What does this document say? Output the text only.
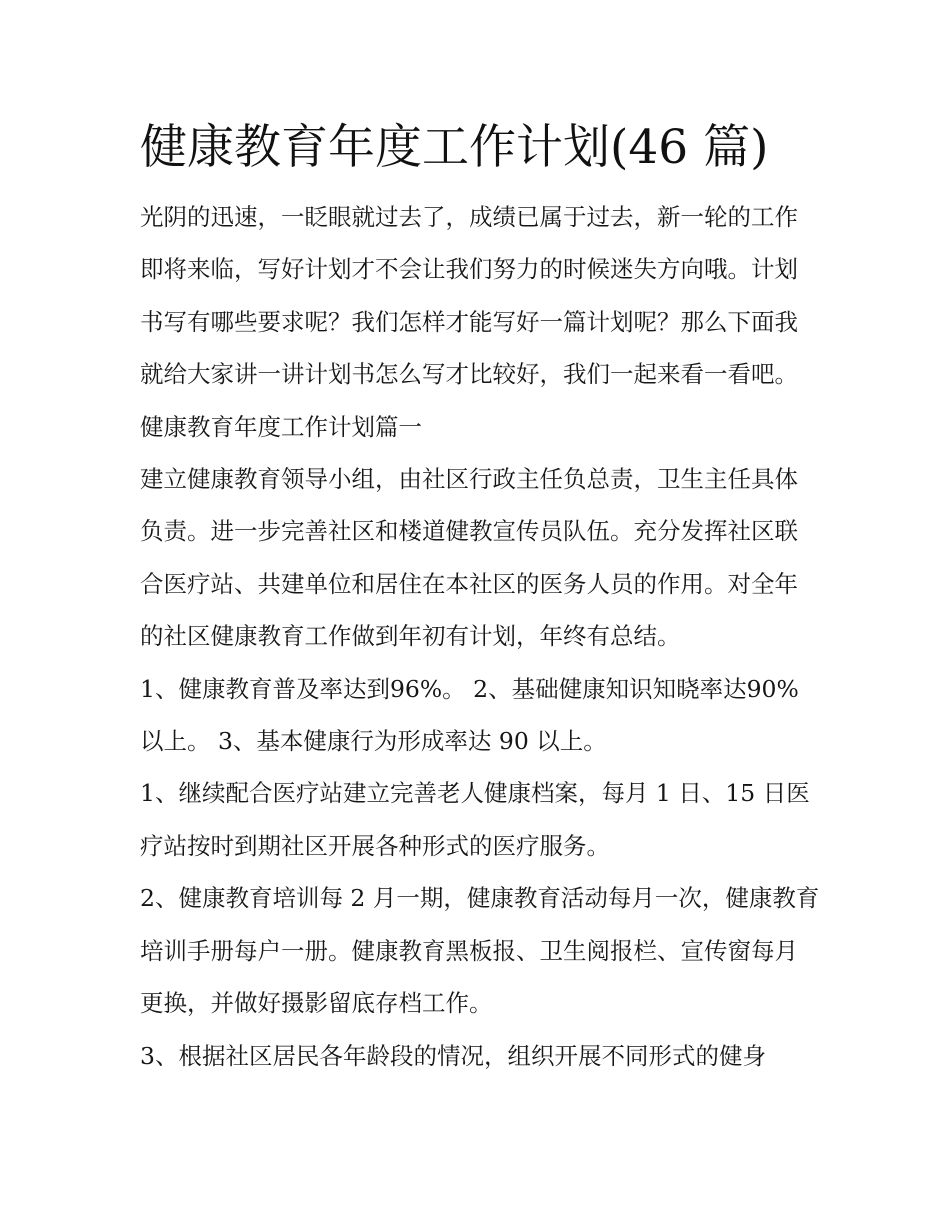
健康教育年度工作计划(46 篇)

光阴的迅速，一眨眼就过去了，成绩已属于过去，新一轮的工作即将来临，写好计划才不会让我们努力的时候迷失方向哦。计划书写有哪些要求呢？我们怎样才能写好一篇计划呢？那么下面我就给大家讲一讲计划书怎么写才比较好，我们一起来看一看吧。

健康教育年度工作计划篇一

建立健康教育领导小组，由社区行政主任负总责，卫生主任具体负责。进一步完善社区和楼道健教宣传员队伍。充分发挥社区联合医疗站、共建单位和居住在本社区的医务人员的作用。对全年的社区健康教育工作做到年初有计划，年终有总结。

1、健康教育普及率达到96%。 2、基础健康知识知晓率达90%以上。 3、基本健康行为形成率达 90 以上。

1、继续配合医疗站建立完善老人健康档案，每月 1 日、15 日医疗站按时到期社区开展各种形式的医疗服务。

2、健康教育培训每 2 月一期，健康教育活动每月一次，健康教育培训手册每户一册。健康教育黑板报、卫生阅报栏、宣传窗每月更换，并做好摄影留底存档工作。

3、根据社区居民各年龄段的情况，组织开展不同形式的健身
